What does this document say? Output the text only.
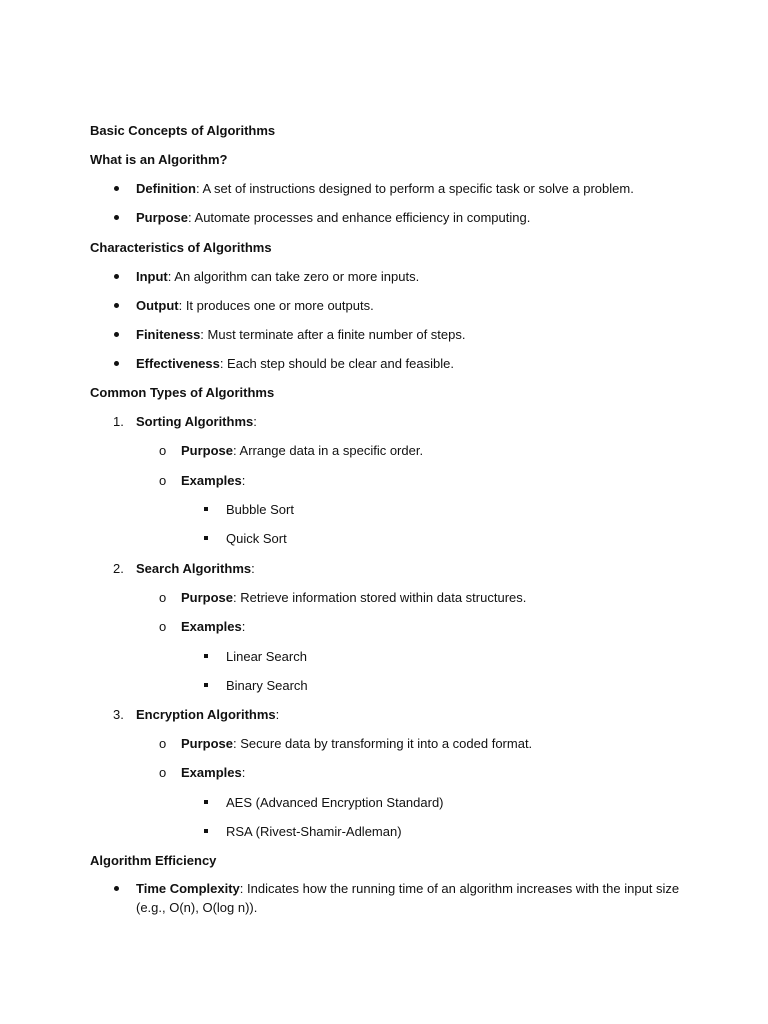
Basic Concepts of Algorithms
What is an Algorithm?
Definition: A set of instructions designed to perform a specific task or solve a problem.
Purpose: Automate processes and enhance efficiency in computing.
Characteristics of Algorithms
Input: An algorithm can take zero or more inputs.
Output: It produces one or more outputs.
Finiteness: Must terminate after a finite number of steps.
Effectiveness: Each step should be clear and feasible.
Common Types of Algorithms
1. Sorting Algorithms:
o Purpose: Arrange data in a specific order.
o Examples:
Bubble Sort
Quick Sort
2. Search Algorithms:
o Purpose: Retrieve information stored within data structures.
o Examples:
Linear Search
Binary Search
3. Encryption Algorithms:
o Purpose: Secure data by transforming it into a coded format.
o Examples:
AES (Advanced Encryption Standard)
RSA (Rivest-Shamir-Adleman)
Algorithm Efficiency
Time Complexity: Indicates how the running time of an algorithm increases with the input size
(e.g., O(n), O(log n)).
